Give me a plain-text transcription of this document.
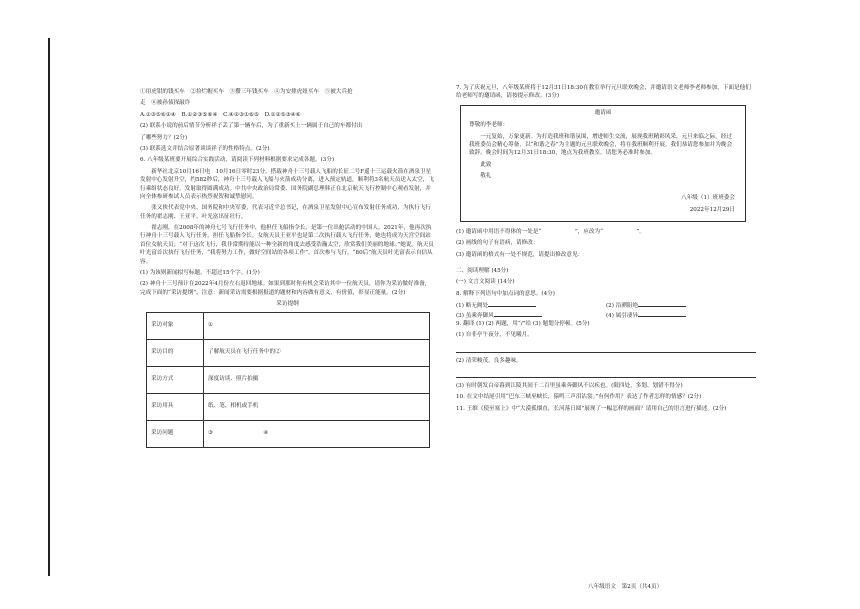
①用虎钳的钱买车　②捡烂帽买车　③攒三年钱买车　④为安排虎妞买车　⑤被大兵抢

走　⑥被孙侦探敲诈

A.①③⑤⑥②④　B.①②③⑤⑥④　C.④②③①⑥⑤　D.①②⑤③④⑥

(2) 联系小说的前后情节分析祥子丢了第一辆车后，为了重新买上一辆属于自己的车都付出

了哪些努力？(2分)

(3) 联系选文并结合原著谈谈祥子的性格特点。(2分)

6. 八年级某班要开展综合实践活动，请阅读下列材料根据要求完成各题。(3分)

新华社北京10月16日电　10月16日零时23分，搭载神舟十三号载人飞船的长征二号F遥十三运载火箭在酒泉卫星发射中心发射升空，约582秒后，神舟十三号载人飞船与火箭成功分离，进入预定轨道，顺利将3名航天员送入太空，飞行乘组状态良好，发射取得圆满成功。中共中央政治局常委、国务院副总理韩正在北京航天飞行控制中心观看发射，并向全体参研参试人员表示热烈祝贺和诚挚慰问。

张又侠代表党中央、国务院和中央军委，代表习近平总书记，在酒泉卫星发射中心宣布发射任务成功，为执行飞行任务的翟志刚、王亚平、叶光富出征壮行。

翟志刚，在2008年的神舟七号飞行任务中，他担任飞船指令长，是第一位出舱活动的中国人。2021年，他再次执行神舟十三号载人飞行任务，担任飞船指令长。女航天员王亚平也是第二次执行载人飞行任务，她也将成为天宫空间站首位女航天员；“对于这次飞行，我非常期待能以一种全新的角度去感受浩瀚太空，欣赏我们美丽的地球。”她说。航天员叶光富首次执行飞行任务，“我将努力工作，做好空间站的各项工作”。首次参与飞行，“80后”航天员叶光富表示自信从容。

(1) 为该则新闻拟写标题。不超过15个字。(1分)

(2) 神舟十三号预计在2022年4月份左右返回地球。如果到那时你有机会采访其中一位航天员，请你为采访做好准备，完成下面的“采访提纲”，注意：新闻采访需要根据报道的题材和内容做有意义，有价值，彰显正能量。(2分)

采访提纲
采访对象	①
采访目的	了解航天员在飞行任务中的②
采访方式	深度访谈、照片拍摄
采访用具	纸、笔、相机或手机
采访问题	③　　　　　　　　　④

7. 为了庆祝元旦，八年级某班将于12月31日18:30在教室举行元旦联欢晚会，并邀请语文老师李老师参加，下面是他们给老师写的邀请函，请按提示修改。(3分)

邀请函

尊敬的李老师：

一元复始，万象更新。为打造我班和谐氛围，增进师生交流，展现我班精彩风采，元旦来临之际，经过我班委员会精心筹备，以“和谐之春”为主题的元旦联欢晚会，将在我班顺利开展。我们恭请您参加并为晚会致辞。晚会时间为12月31日18:30，地点为我班教室。请您务必准时参加。

此致

敬礼

八年级（1）班班委会
2022年12月29日

(1) 邀请函中用语不得体的一处是“　　　　　　”，应改为“　　　　　　”。

(2) 画线的句子有语病，请修改：

(3) 邀请函的格式有一处不规范，请提出修改意见：

二、阅读理解 (45分)

(一) 文言文阅读 (14分)

8. 解释下列语句中加点词的意思。(4分)

(1) 略无阙处	(2) 沿溯阻绝
(3) 虽乘奔御风	(4) 属引凄异

9. 翻译 (1) (2) 两题，用“/”给 (3) 题划分停顿。(5分)

(1) 自非亭午夜分，不见曦月。

(2) 清荣峻茂，良多趣味。

(3) 有时朝发白帝暮到江陵其间千二百里虽乘奔御风不以疾也。(限四处，多划、划错不得分)

10. 在文中结尾引用“巴东三峡巫峡长，猿鸣三声泪沾裳。”有何作用？表达了作者怎样的情感？(2分)

11. 王维《使至塞上》中“大漠孤烟直，长河落日圆”展现了一幅怎样的画面？请用自己的语言进行描述。(2分)

八年级语文　第2页（共4页）
